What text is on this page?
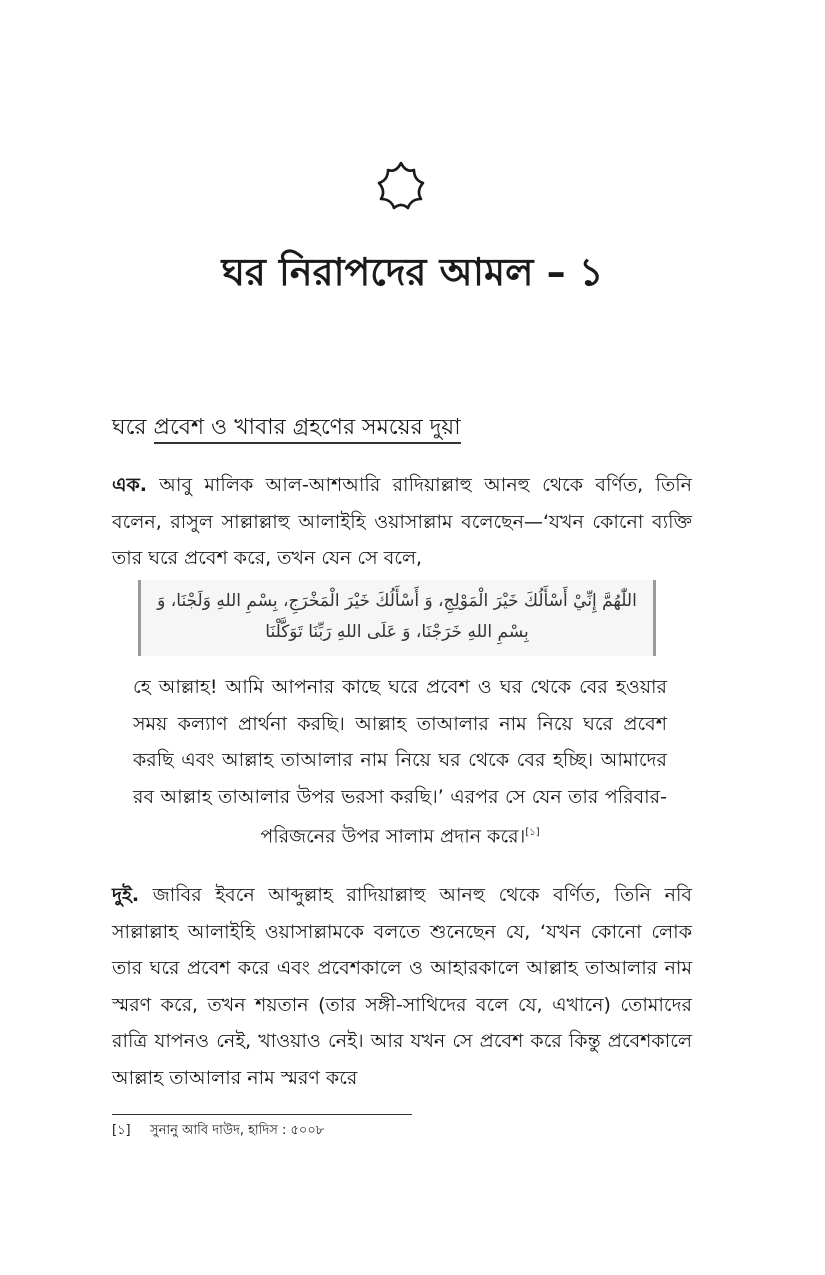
ঘর নিরাপদের আমল – ১
ঘরে প্রবেশ ও খাবার গ্রহণের সময়ের দুয়া

এক. আবু মালিক আল-আশআরি রাদিয়াল্লাহু আনহু থেকে বর্ণিত, তিনি বলেন, রাসুল সাল্লাল্লাহু আলাইহি ওয়াসাল্লাম বলেছেন—‘যখন কোনো ব্যক্তি তার ঘরে প্রবেশ করে, তখন যেন সে বলে,

اللّٰهُمَّ إِنِّيْ أَسْأَلُكَ خَيْرَ الْمَوْلِجِ، وَ أَسْأَلُكَ خَيْرَ الْمَخْرَجِ، بِسْمِ اللهِ وَلَجْنَا، وَ بِسْمِ اللهِ خَرَجْنَا، وَ عَلَى اللهِ رَبِّنَا تَوَكَّلْنَا

হে আল্লাহ! আমি আপনার কাছে ঘরে প্রবেশ ও ঘর থেকে বের হওয়ার সময় কল্যাণ প্রার্থনা করছি। আল্লাহ তাআলার নাম নিয়ে ঘরে প্রবেশ করছি এবং আল্লাহ তাআলার নাম নিয়ে ঘর থেকে বের হচ্ছি। আমাদের রব আল্লাহ তাআলার উপর ভরসা করছি।’ এরপর সে যেন তার পরিবার-পরিজনের উপর সালাম প্রদান করে।[১]

দুই. জাবির ইবনে আব্দুল্লাহ রাদিয়াল্লাহু আনহু থেকে বর্ণিত, তিনি নবি সাল্লাল্লাহ আলাইহি ওয়াসাল্লামকে বলতে শুনেছেন যে, ‘যখন কোনো লোক তার ঘরে প্রবেশ করে এবং প্রবেশকালে ও আহারকালে আল্লাহ তাআলার নাম স্মরণ করে, তখন শয়তান (তার সঙ্গী-সাথিদের বলে যে, এখানে) তোমাদের রাত্রি যাপনও নেই, খাওয়াও নেই। আর যখন সে প্রবেশ করে কিন্তু প্রবেশকালে আল্লাহ তাআলার নাম স্মরণ করে

[১] সুনানু আবি দাউদ, হাদিস : ৫০০৮
